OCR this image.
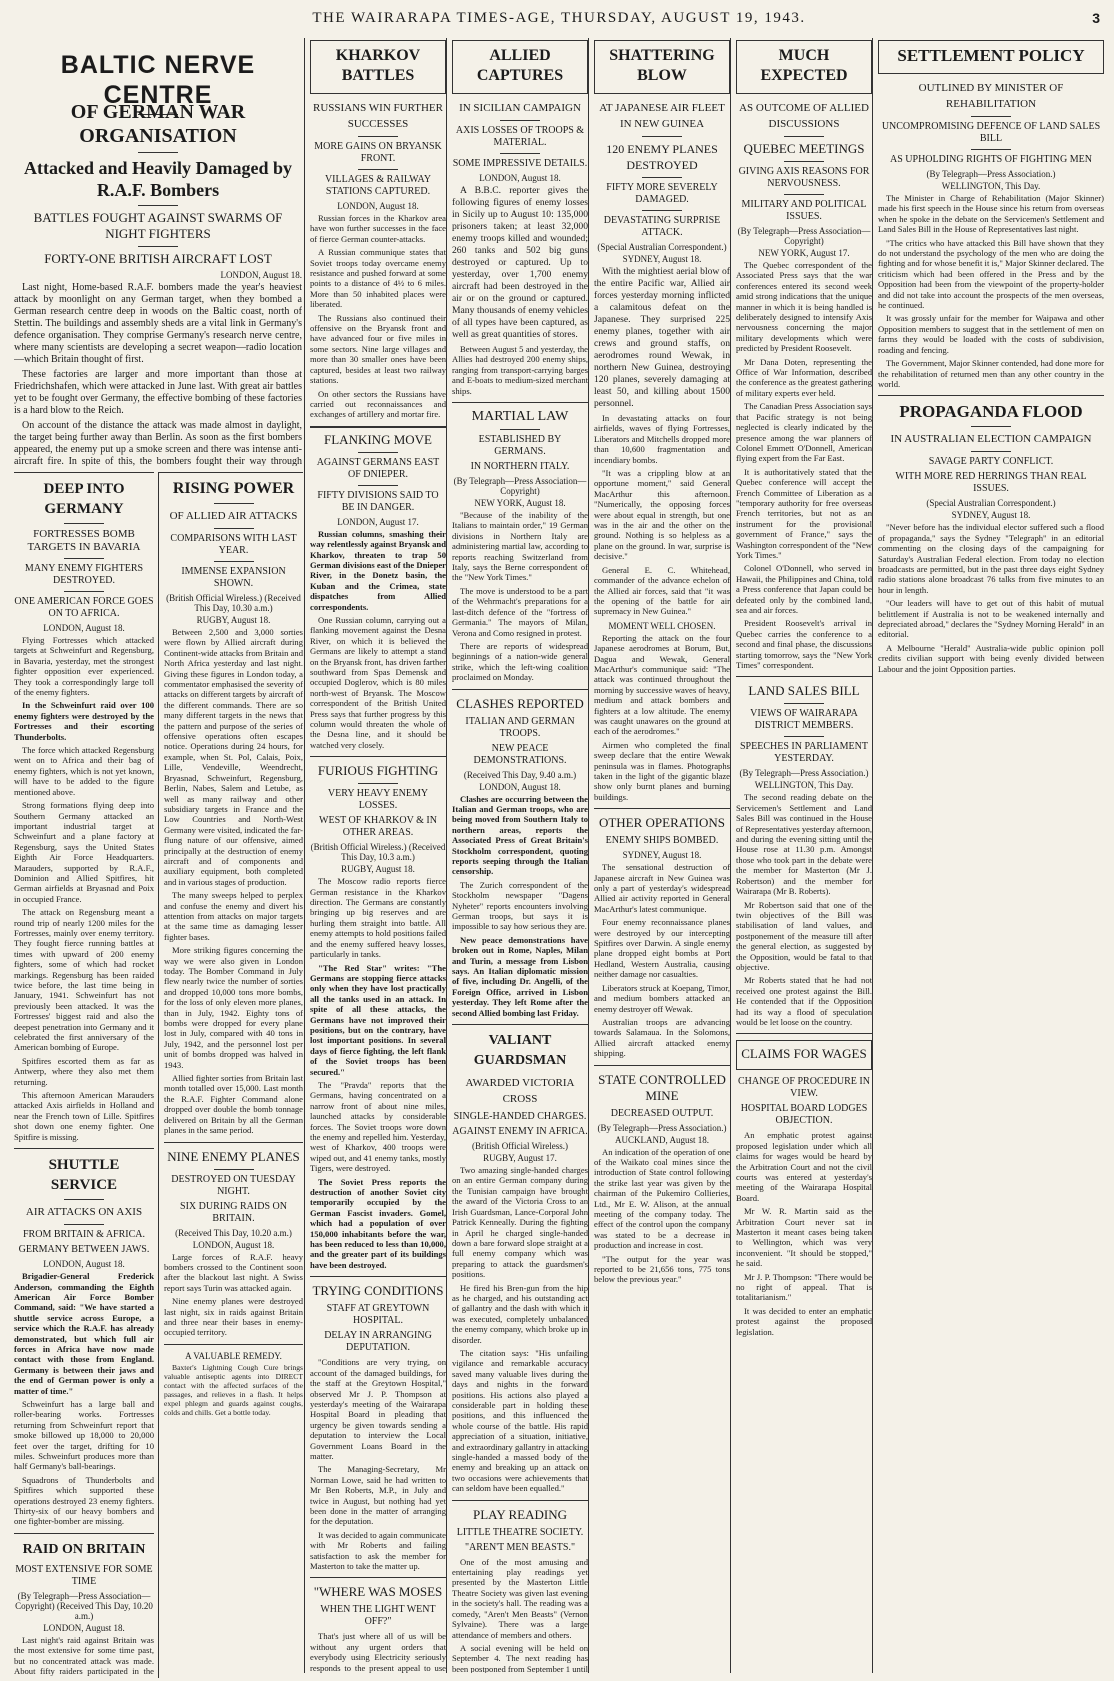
THE WAIRARAPA TIMES-AGE, THURSDAY, AUGUST 19, 1943.	3
BALTIC NERVE CENTRE
OF GERMAN WAR ORGANISATION
Attacked and Heavily Damaged by R.A.F. Bombers
BATTLES FOUGHT AGAINST SWARMS OF NIGHT FIGHTERS
FORTY-ONE BRITISH AIRCRAFT LOST
LONDON, August 18.

Last night, Home-based R.A.F. bombers made the year's heaviest attack by moonlight on any German target, when they bombed a German research centre deep in woods on the Baltic coast, north of Stettin. The buildings and assembly sheds are a vital link in Germany's defence organisation. They comprise Germany's research nerve centre, where many scientists are developing a secret weapon—radio location—which Britain thought of first.

These factories are larger and more important than those at Friedrichshafen, which were attacked in June last. With great air battles yet to be fought over Germany, the effective bombing of these factories is a hard blow to the Reich.

On account of the distance the attack was made almost in daylight, the target being further away than Berlin. As soon as the first bombers appeared, the enemy put up a smoke screen and there was intense anti-aircraft fire. In spite of this, the bombers fought their way through

DEEP INTO GERMANY
FORTRESSES BOMB TARGETS IN BAVARIA
MANY ENEMY FIGHTERS DESTROYED.
ONE AMERICAN FORCE GOES ON TO AFRICA.
LONDON, August 18.

Flying Fortresses which attacked targets at Schweinfurt and Regensburg, in Bavaria, yesterday, met the strongest fighter opposition ever experienced. They took a correspondingly large toll of the enemy fighters.

In the Schweinfurt raid over 100 enemy fighters were destroyed by the Fortresses and their escorting Thunderbolts.

The force which attacked Regensburg went on to Africa and their bag of enemy fighters, which is not yet known, will have to be added to the figure mentioned above.

Strong formations flying deep into Southern Germany attacked an important industrial target at Schweinfurt and a plane factory at Regensburg, says the United States Eighth Air Force Headquarters. Marauders, supported by R.A.F., Dominion and Allied Spitfires, hit German airfields at Bryasnad and Poix in occupied France.

The attack on Regensburg meant a round trip of nearly 1200 miles for the Fortresses, mainly over enemy territory. They fought fierce running battles at times with upward of 200 enemy fighters, some of which had rocket markings. Regensburg has been raided twice before, the last time being in January, 1941. Schweinfurt has not previously been attacked. It was the Fortresses' biggest raid and also the deepest penetration into Germany and it celebrated the first anniversary of the American bombing of Europe.

Spitfires escorted them as far as Antwerp, where they also met them returning.

This afternoon American Marauders attacked Axis airfields in Holland and near the French town of Lille. Spitfires shot down one enemy fighter. One Spitfire is missing.

SHUTTLE SERVICE
AIR ATTACKS ON AXIS
FROM BRITAIN & AFRICA.
GERMANY BETWEEN JAWS.
LONDON, August 18.

Brigadier-General Frederick Anderson, commanding the Eighth American Air Force Bomber Command, said: "We have started a shuttle service across Europe, a service which the R.A.F. has already demonstrated, but which full air forces in Africa have now made contact with those from England. Germany is between their jaws and the end of German power is only a matter of time."

Schweinfurt has a large ball and roller-bearing works. Fortresses returning from Schweinfurt report that smoke billowed up 18,000 to 20,000 feet over the target, drifting for 10 miles. Schweinfurt produces more than half Germany's ball-bearings.

Squadrons of Thunderbolts and Spitfires which supported these operations destroyed 23 enemy fighters. Thirty-six of our heavy bombers and one fighter-bomber are missing.

RAID ON BRITAIN
MOST EXTENSIVE FOR SOME TIME
(By Telegraph—Press Association—Copyright) (Received This Day, 10.20 a.m.)
LONDON, August 18.

Last night's raid against Britain was the most extensive for some time past, but no concentrated attack was made. About fifty raiders participated in the

RISING POWER
OF ALLIED AIR ATTACKS
COMPARISONS WITH LAST YEAR.
IMMENSE EXPANSION SHOWN.
(British Official Wireless.) (Received This Day, 10.30 a.m.)
RUGBY, August 18.

Between 2,500 and 3,000 sorties were flown by Allied aircraft during Continent-wide attacks from Britain and North Africa yesterday and last night. Giving these figures in London today, a commentator emphasised the severity of attacks on different targets by aircraft of the different commands. There are so many different targets in the news that the pattern and purpose of the series of offensive operations often escapes notice. Operations during 24 hours, for example, when St. Pol, Calais, Poix, Lille, Vendeville, Weendrecht, Bryasnad, Schweinfurt, Regensburg, Berlin, Nabes, Salem and Letube, as well as many railway and other subsidiary targets in France and the Low Countries and North-West Germany were visited, indicated the far-flung nature of our offensive, aimed principally at the destruction of enemy aircraft and of components and auxiliary equipment, both completed and in various stages of production.

The many sweeps helped to perplex and confuse the enemy and divert his attention from attacks on major targets at the same time as damaging lesser fighter bases.

More striking figures concerning the way we were also given in London today. The Bomber Command in July flew nearly twice the number of sorties and dropped 10,000 tons more bombs, for the loss of only eleven more planes, than in July, 1942. Eighty tons of bombs were dropped for every plane lost in July, compared with 40 tons in July, 1942, and the personnel lost per unit of bombs dropped was halved in 1943.

Allied fighter sorties from Britain last month totalled over 15,000. Last month the R.A.F. Fighter Command alone dropped over double the bomb tonnage delivered on Britain by all the German planes in the same period.

NINE ENEMY PLANES
DESTROYED ON TUESDAY NIGHT.
SIX DURING RAIDS ON BRITAIN.
(Received This Day, 10.20 a.m.)
LONDON, August 18.

Large forces of R.A.F. heavy bombers crossed to the Continent soon after the blackout last night. A Swiss report says Turin was attacked again.

Nine enemy planes were destroyed last night, six in raids against Britain and three near their bases in enemy-occupied territory.

A VALUABLE REMEDY.

Baxter's Lightning Cough Cure brings valuable antiseptic agents into DIRECT contact with the affected surfaces of the passages, and relieves in a flash. It helps expel phlegm and guards against coughs, colds and chills. Get a bottle today.

KHARKOV BATTLES
RUSSIANS WIN FURTHER SUCCESSES
MORE GAINS ON BRYANSK FRONT.
VILLAGES & RAILWAY STATIONS CAPTURED.
LONDON, August 18.

Russian forces in the Kharkov area have won further successes in the face of fierce German counter-attacks.

A Russian communique states that Soviet troops today overcame enemy resistance and pushed forward at some points to a distance of 4½ to 6 miles. More than 50 inhabited places were liberated.

The Russians also continued their offensive on the Bryansk front and have advanced four or five miles in some sectors. Nine large villages and more than 30 smaller ones have been captured, besides at least two railway stations.

On other sectors the Russians have carried out reconnaissances and exchanges of artillery and mortar fire.

FLANKING MOVE
AGAINST GERMANS EAST OF DNIEPER.
FIFTY DIVISIONS SAID TO BE IN DANGER.
LONDON, August 17.

Russian columns, smashing their way relentlessly against Bryansk and Kharkov, threaten to trap 50 German divisions east of the Dnieper River, in the Donetz basin, the Kuban and the Crimea, state dispatches from Allied correspondents.

One Russian column, carrying out a flanking movement against the Desna River, on which it is believed the Germans are likely to attempt a stand on the Bryansk front, has driven farther southward from Spas Demensk and occupied Doglerov, which is 80 miles north-west of Bryansk. The Moscow correspondent of the British United Press says that further progress by this column would threaten the whole of the Desna line, and it should be watched very closely.

FURIOUS FIGHTING
VERY HEAVY ENEMY LOSSES.
WEST OF KHARKOV & IN OTHER AREAS.
(British Official Wireless.) (Received This Day, 10.3 a.m.)
RUGBY, August 18.

The Moscow radio reports fierce German resistance in the Kharkov direction. The Germans are constantly bringing up big reserves and are hurling them straight into battle. All enemy attempts to hold positions failed and the enemy suffered heavy losses, particularly in tanks.

"The Red Star" writes: "The Germans are stopping fierce attacks only when they have lost practically all the tanks used in an attack. In spite of all these attacks, the Germans have not improved their positions, but on the contrary, have lost important positions. In several days of fierce fighting, the left flank of the Soviet troops has been secured."

The "Pravda" reports that the Germans, having concentrated on a narrow front of about nine miles, launched attacks by considerable forces. The Soviet troops wore down the enemy and repelled him. Yesterday, west of Kharkov, 400 troops were wiped out, and 41 enemy tanks, mostly Tigers, were destroyed.

The Soviet Press reports the destruction of another Soviet city temporarily occupied by the German Fascist invaders. Gomel, which had a population of over 150,000 inhabitants before the war, has been reduced to less than 10,000, and the greater part of its buildings have been destroyed.

TRYING CONDITIONS
STAFF AT GREYTOWN HOSPITAL.
DELAY IN ARRANGING DEPUTATION.

"Conditions are very trying, on account of the damaged buildings, for the staff at the Greytown Hospital," observed Mr J. P. Thompson at yesterday's meeting of the Wairarapa Hospital Board in pleading that urgency be given towards sending a deputation to interview the Local Government Loans Board in the matter.

The Managing-Secretary, Mr Norman Lowe, said he had written to Mr Ben Roberts, M.P., in July and twice in August, but nothing had yet been done in the matter of arranging for the deputation.

It was decided to again communicate with Mr Roberts and failing satisfaction to ask the member for Masterton to take the matter up.

"WHERE WAS MOSES
WHEN THE LIGHT WENT OFF?"

That's just where all of us will be without any urgent orders that everybody using Electricity seriously responds to the present appeal to use

ALLIED CAPTURES
IN SICILIAN CAMPAIGN
AXIS LOSSES OF TROOPS & MATERIAL.
SOME IMPRESSIVE DETAILS.
LONDON, August 18.

A B.B.C. reporter gives the following figures of enemy losses in Sicily up to August 10: 135,000 prisoners taken; at least 32,000 enemy troops killed and wounded; 260 tanks and 502 big guns destroyed or captured. Up to yesterday, over 1,700 enemy aircraft had been destroyed in the air or on the ground or captured. Many thousands of enemy vehicles of all types have been captured, as well as great quantities of stores.

Between August 5 and yesterday, the Allies had destroyed 200 enemy ships, ranging from transport-carrying barges and E-boats to medium-sized merchant ships.

MARTIAL LAW
ESTABLISHED BY GERMANS.
IN NORTHERN ITALY.
(By Telegraph—Press Association—Copyright)
NEW YORK, August 18.

"Because of the inability of the Italians to maintain order," 19 German divisions in Northern Italy are administering martial law, according to reports reaching Switzerland from Italy, says the Berne correspondent of the "New York Times."

The move is understood to be a part of the Wehrmacht's preparations for a last-ditch defence of the "fortress of Germania." The mayors of Milan, Verona and Como resigned in protest.

There are reports of widespread beginnings of a nation-wide general strike, which the left-wing coalition proclaimed on Monday.

CLASHES REPORTED
ITALIAN AND GERMAN TROOPS.
NEW PEACE DEMONSTRATIONS.
(Received This Day, 9.40 a.m.)
LONDON, August 18.

Clashes are occurring between the Italian and German troops, who are being moved from Southern Italy to northern areas, reports the Associated Press of Great Britain's Stockholm correspondent, quoting reports seeping through the Italian censorship.

The Zurich correspondent of the Stockholm newspaper "Dagens Nyheter" reports encounters involving German troops, but says it is impossible to say how serious they are.

New peace demonstrations have broken out in Rome, Naples, Milan and Turin, a message from Lisbon says. An Italian diplomatic mission of five, including Dr. Angelli, of the Foreign Office, arrived in Lisbon yesterday. They left Rome after the second Allied bombing last Friday.

VALIANT GUARDSMAN
AWARDED VICTORIA CROSS
SINGLE-HANDED CHARGES.
AGAINST ENEMY IN AFRICA.
(British Official Wireless.)
RUGBY, August 17.

Two amazing single-handed charges on an entire German company during the Tunisian campaign have brought the award of the Victoria Cross to an Irish Guardsman, Lance-Corporal John Patrick Kenneally. During the fighting in April he charged single-handed down a bare forward slope straight at a full enemy company which was preparing to attack the guardsmen's positions.

He fired his Bren-gun from the hip as he charged, and his outstanding act of gallantry and the dash with which it was executed, completely unbalanced the enemy company, which broke up in disorder.

The citation says: "His unfailing vigilance and remarkable accuracy saved many valuable lives during the days and nights in the forward positions. His actions also played a considerable part in holding these positions, and this influenced the whole course of the battle. His rapid appreciation of a situation, initiative, and extraordinary gallantry in attacking single-handed a massed body of the enemy and breaking up an attack on two occasions were achievements that can seldom have been equalled."

PLAY READING
LITTLE THEATRE SOCIETY.
"AREN'T MEN BEASTS."

One of the most amusing and entertaining play readings yet presented by the Masterton Little Theatre Society was given last evening in the society's hall. The reading was a comedy, "Aren't Men Beasts" (Vernon Sylvaine). There was a large attendance of members and others.

A social evening will be held on September 4. The next reading has been postponed from September 1 until

SHATTERING BLOW
AT JAPANESE AIR FLEET IN NEW GUINEA
120 ENEMY PLANES DESTROYED
FIFTY MORE SEVERELY DAMAGED.
DEVASTATING SURPRISE ATTACK.
(Special Australian Correspondent.)
SYDNEY, August 18.

With the mightiest aerial blow of the entire Pacific war, Allied air forces yesterday morning inflicted a calamitous defeat on the Japanese. They surprised 225 enemy planes, together with air crews and ground staffs, on aerodromes round Wewak, in northern New Guinea, destroying 120 planes, severely damaging at least 50, and killing about 1500 personnel.

In devastating attacks on four airfields, waves of flying Fortresses, Liberators and Mitchells dropped more than 10,600 fragmentation and incendiary bombs.

"It was a crippling blow at an opportune moment," said General MacArthur this afternoon. "Numerically, the opposing forces were about equal in strength, but one was in the air and the other on the ground. Nothing is so helpless as a plane on the ground. In war, surprise is decisive."

General E. C. Whitehead, commander of the advance echelon of the Allied air forces, said that "it was the opening of the battle for air supremacy in New Guinea."

MOMENT WELL CHOSEN.

Reporting the attack on the four Japanese aerodromes at Borum, But, Dagua and Wewak, General MacArthur's communique said: "The attack was continued throughout the morning by successive waves of heavy, medium and attack bombers and fighters at a low altitude. The enemy was caught unawares on the ground at each of the aerodromes."

Airmen who completed the final sweep declare that the entire Wewak peninsula was in flames. Photographs taken in the light of the gigantic blaze show only burnt planes and burning buildings.

OTHER OPERATIONS
ENEMY SHIPS BOMBED.
SYDNEY, August 18.

The sensational destruction of Japanese aircraft in New Guinea was only a part of yesterday's widespread Allied air activity reported in General MacArthur's latest communique.

Four enemy reconnaissance planes were destroyed by our intercepting Spitfires over Darwin. A single enemy plane dropped eight bombs at Port Hedland, Western Australia, causing neither damage nor casualties.

Liberators struck at Koepang, Timor, and medium bombers attacked an enemy destroyer off Wewak.

Australian troops are advancing towards Salamaua. In the Solomons, Allied aircraft attacked enemy shipping.

STATE CONTROLLED MINE
DECREASED OUTPUT.
(By Telegraph—Press Association.)
AUCKLAND, August 18.

An indication of the operation of one of the Waikato coal mines since the introduction of State control following the strike last year was given by the chairman of the Pukemiro Collieries, Ltd., Mr E. W. Alison, at the annual meeting of the company today. The effect of the control upon the company was stated to be a decrease in production and increase in cost.

"The output for the year was reported to be 21,656 tons, 775 tons below the previous year."

MUCH EXPECTED
AS OUTCOME OF ALLIED DISCUSSIONS
QUEBEC MEETINGS
GIVING AXIS REASONS FOR NERVOUSNESS.
MILITARY AND POLITICAL ISSUES.
(By Telegraph—Press Association—Copyright)
NEW YORK, August 17.

The Quebec correspondent of the Associated Press says that the war conferences entered its second week amid strong indications that the unique manner in which it is being handled is deliberately designed to intensify Axis nervousness concerning the major military developments which were predicted by President Roosevelt.

Mr Dana Doten, representing the Office of War Information, described the conference as the greatest gathering of military experts ever held.

The Canadian Press Association says that Pacific strategy is not being neglected is clearly indicated by the presence among the war planners of Colonel Emmett O'Donnell, American flying expert from the Far East.

It is authoritatively stated that the Quebec conference will accept the French Committee of Liberation as a "temporary authority for free overseas French territories, but not as an instrument for the provisional government of France," says the Washington correspondent of the "New York Times."

Colonel O'Donnell, who served in Hawaii, the Philippines and China, told a Press conference that Japan could be defeated only by the combined land, sea and air forces.

President Roosevelt's arrival in Quebec carries the conference to a second and final phase, the discussions starting tomorrow, says the "New York Times" correspondent.

LAND SALES BILL
VIEWS OF WAIRARAPA DISTRICT MEMBERS.
SPEECHES IN PARLIAMENT YESTERDAY.
(By Telegraph—Press Association.)
WELLINGTON, This Day.

The second reading debate on the Servicemen's Settlement and Land Sales Bill was continued in the House of Representatives yesterday afternoon, and during the evening sitting until the House rose at 11.30 p.m. Amongst those who took part in the debate were the member for Masterton (Mr J. Robertson) and the member for Wairarapa (Mr B. Roberts).

Mr Robertson said that one of the twin objectives of the Bill was stabilisation of land values, and postponement of the measure till after the general election, as suggested by the Opposition, would be fatal to that objective.

Mr Roberts stated that he had not received one protest against the Bill. He contended that if the Opposition had its way a flood of speculation would be let loose on the country.

CLAIMS FOR WAGES
CHANGE OF PROCEDURE IN VIEW.
HOSPITAL BOARD LODGES OBJECTION.

An emphatic protest against proposed legislation under which all claims for wages would be heard by the Arbitration Court and not the civil courts was entered at yesterday's meeting of the Wairarapa Hospital Board.

Mr W. R. Martin said as the Arbitration Court never sat in Masterton it meant cases being taken to Wellington, which was very inconvenient. "It should be stopped," he said.

Mr J. P. Thompson: "There would be no right of appeal. That is totalitarianism."

It was decided to enter an emphatic protest against the proposed legislation.

SETTLEMENT POLICY
OUTLINED BY MINISTER OF REHABILITATION
UNCOMPROMISING DEFENCE OF LAND SALES BILL
AS UPHOLDING RIGHTS OF FIGHTING MEN
(By Telegraph—Press Association.)
WELLINGTON, This Day.

The Minister in Charge of Rehabilitation (Major Skinner) made his first speech in the House since his return from overseas when he spoke in the debate on the Servicemen's Settlement and Land Sales Bill in the House of Representatives last night.

"The critics who have attacked this Bill have shown that they do not understand the psychology of the men who are doing the fighting and for whose benefit it is," Major Skinner declared. The criticism which had been offered in the Press and by the Opposition had been from the viewpoint of the property-holder and did not take into account the prospects of the men overseas, he continued.

It was grossly unfair for the member for Waipawa and other Opposition members to suggest that in the settlement of men on farms they would be loaded with the costs of subdivision, roading and fencing.

The Government, Major Skinner contended, had done more for the rehabilitation of returned men than any other country in the world.

PROPAGANDA FLOOD
IN AUSTRALIAN ELECTION CAMPAIGN
SAVAGE PARTY CONFLICT.
WITH MORE RED HERRINGS THAN REAL ISSUES.
(Special Australian Correspondent.)
SYDNEY, August 18.

"Never before has the individual elector suffered such a flood of propaganda," says the Sydney "Telegraph" in an editorial commenting on the closing days of the campaigning for Saturday's Australian Federal election. From today no election broadcasts are permitted, but in the past three days eight Sydney radio stations alone broadcast 76 talks from five minutes to an hour in length.

"Our leaders will have to get out of this habit of mutual belittlement if Australia is not to be weakened internally and depreciated abroad," declares the "Sydney Morning Herald" in an editorial.

A Melbourne "Herald" Australia-wide public opinion poll credits civilian support with being evenly divided between Labour and the joint Opposition parties.
